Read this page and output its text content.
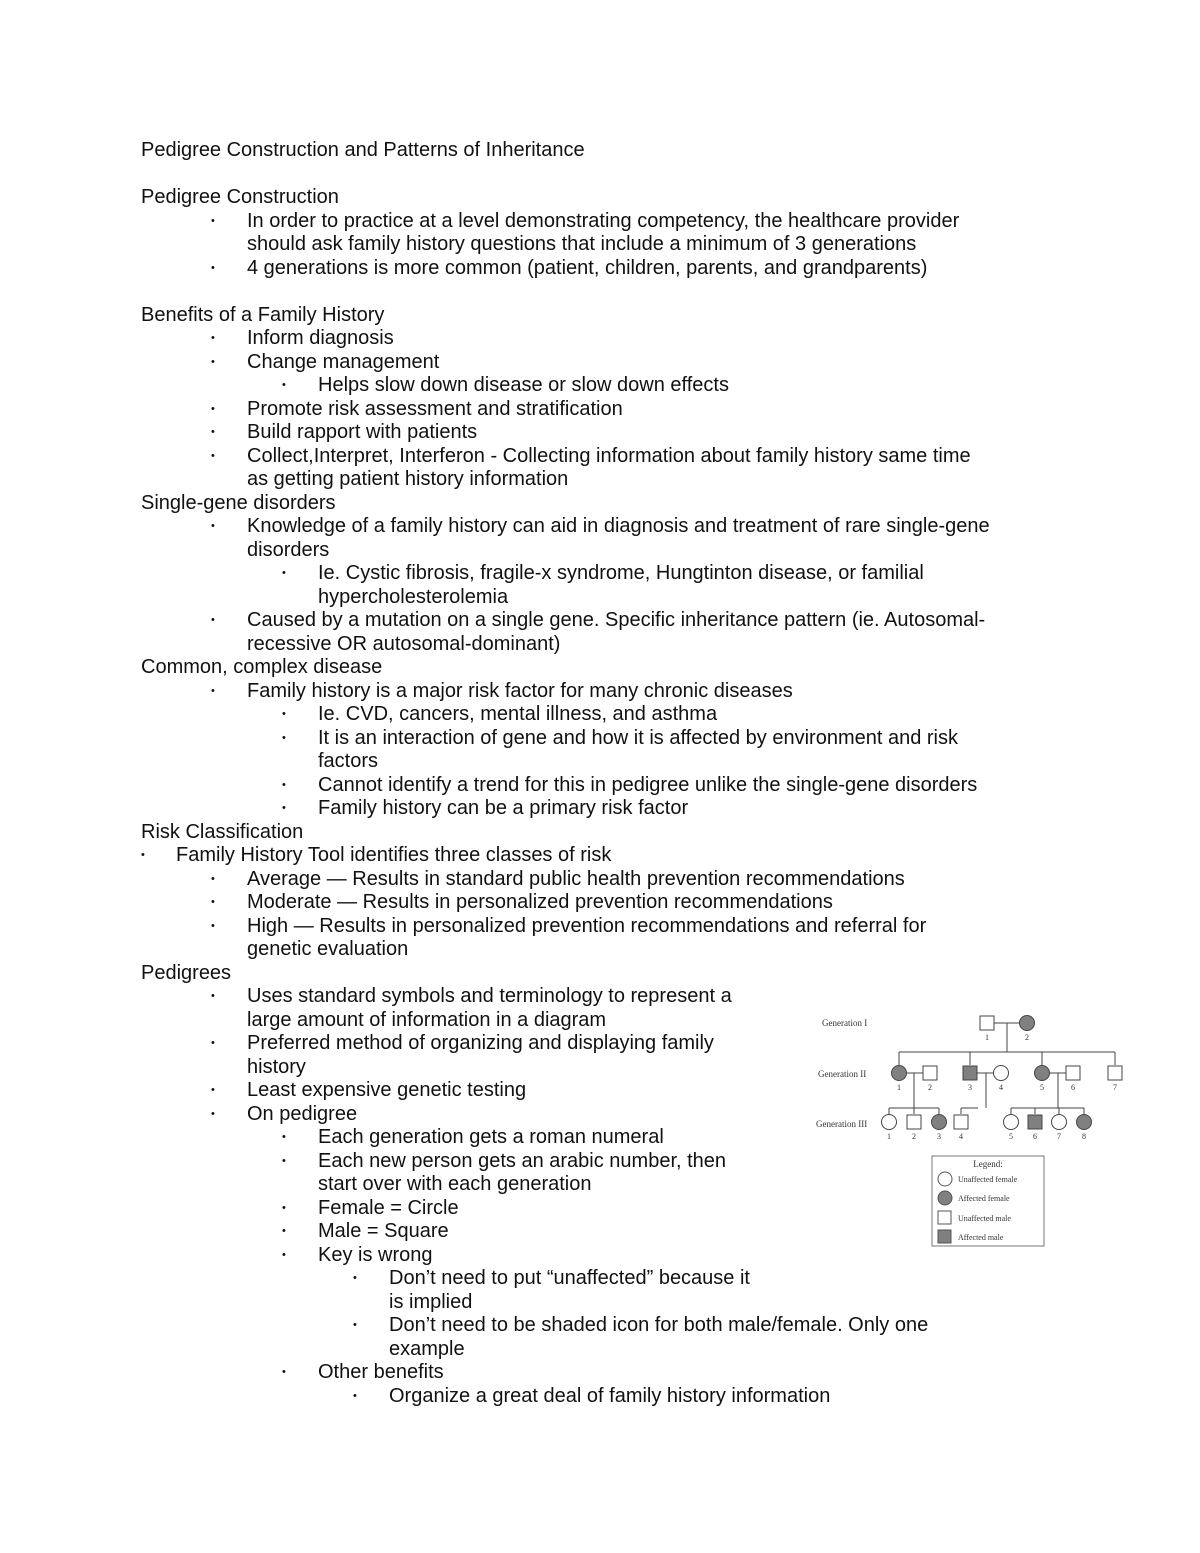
Pedigree Construction and Patterns of Inheritance
Pedigree Construction
• In order to practice at a level demonstrating competency, the healthcare provider
should ask family history questions that include a minimum of 3 generations
• 4 generations is more common (patient, children, parents, and grandparents)
Benefits of a Family History
• Inform diagnosis
• Change management
• Helps slow down disease or slow down effects
• Promote risk assessment and stratification
• Build rapport with patients
• Collect,Interpret, Interferon - Collecting information about family history same time
as getting patient history information
Single-gene disorders
• Knowledge of a family history can aid in diagnosis and treatment of rare single-gene
disorders
• Ie. Cystic fibrosis, fragile-x syndrome, Hungtinton disease, or familial
hypercholesterolemia
• Caused by a mutation on a single gene. Specific inheritance pattern (ie. Autosomal-
recessive OR autosomal-dominant)
Common, complex disease
• Family history is a major risk factor for many chronic diseases
• Ie. CVD, cancers, mental illness, and asthma
• It is an interaction of gene and how it is affected by environment and risk
factors
• Cannot identify a trend for this in pedigree unlike the single-gene disorders
• Family history can be a primary risk factor
Risk Classification
• Family History Tool identifies three classes of risk
• Average — Results in standard public health prevention recommendations
• Moderate — Results in personalized prevention recommendations
• High — Results in personalized prevention recommendations and referral for
genetic evaluation
Pedigrees
• Uses standard symbols and terminology to represent a
large amount of information in a diagram
• Preferred method of organizing and displaying family
history
• Least expensive genetic testing
• On pedigree
• Each generation gets a roman numeral
• Each new person gets an arabic number, then
start over with each generation
• Female = Circle
• Male = Square
• Key is wrong
• Don’t need to put “unaffected” because it
is implied
• Don’t need to be shaded icon for both male/female. Only one
example
• Other benefits
• Organize a great deal of family history information
Generation I
Generation II
Generation III
1	2
1	2	3	4	5	6	7
1	2	3 4	5	6	7	8
Legend:
Unaffected female
Affected female
Unaffected male
Affected male
